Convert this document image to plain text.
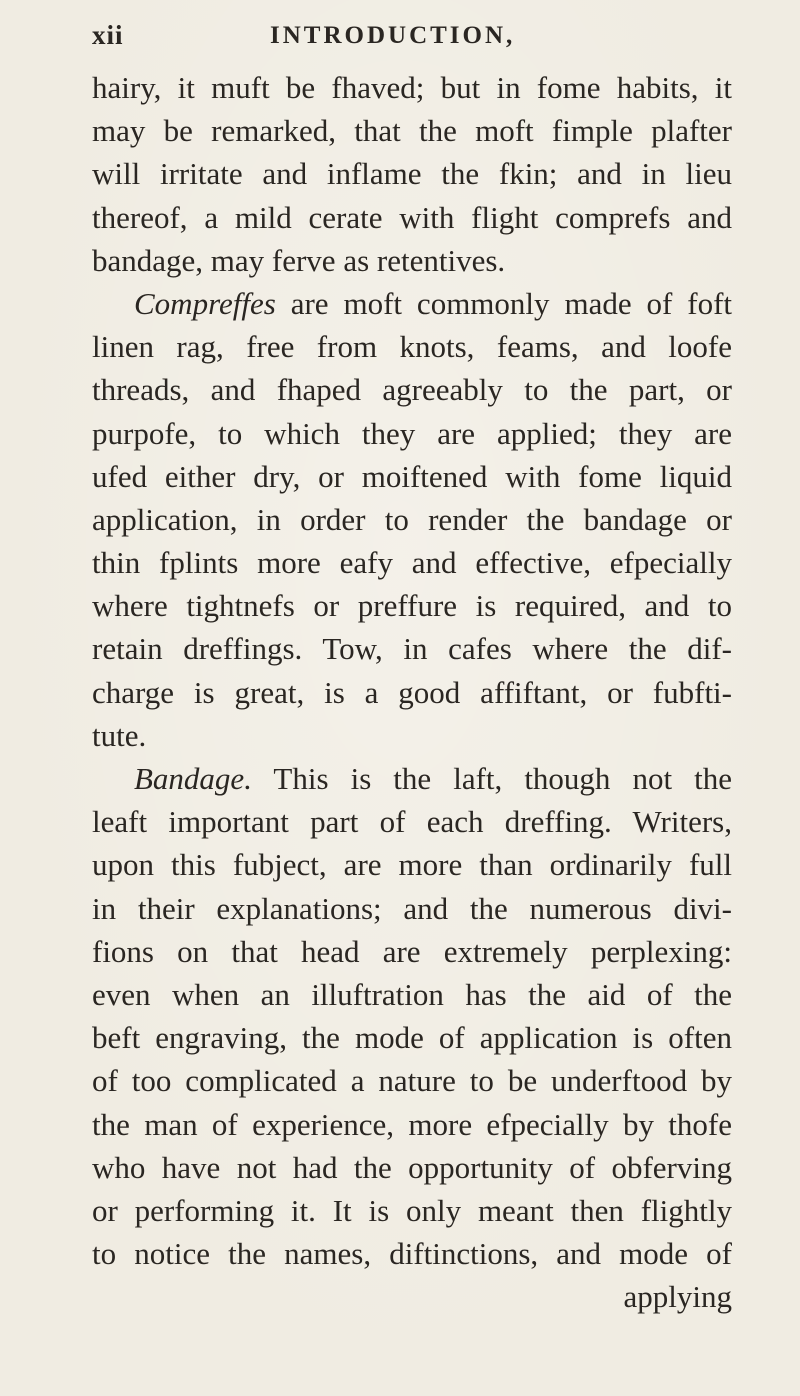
xii	INTRODUCTION,
hairy, it muft be fhaved; but in fome habits, it
may be remarked, that the moft fimple plafter
will irritate and inflame the fkin; and in lieu
thereof, a mild cerate with flight comprefs and
bandage, may ferve as retentives.
Compreffes are moft commonly made of foft
linen rag, free from knots, feams, and loofe
threads, and fhaped agreeably to the part, or
purpofe, to which they are applied; they are
ufed either dry, or moiftened with fome liquid
application, in order to render the bandage or
thin fplints more eafy and effective, efpecially
where tightnefs or preffure is required, and to
retain dreffings. Tow, in cafes where the dif-
charge is great, is a good affiftant, or fubfti-
tute.
Bandage. This is the laft, though not the
leaft important part of each dreffing. Writers,
upon this fubject, are more than ordinarily full
in their explanations; and the numerous divi-
fions on that head are extremely perplexing:
even when an illuftration has the aid of the
beft engraving, the mode of application is often
of too complicated a nature to be underftood by
the man of experience, more efpecially by thofe
who have not had the opportunity of obferving
or performing it. It is only meant then flightly
to notice the names, diftinctions, and mode of
applying
